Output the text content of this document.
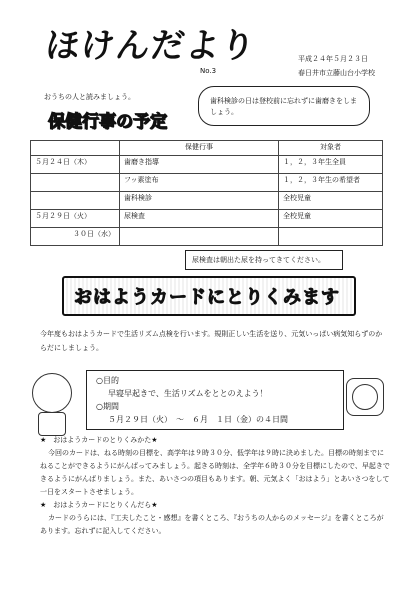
ほけんだより
No.3
平成２４年５月２３日
春日井市立藤山台小学校
おうちの人と読みましょう。	歯科検診の日は登校前に忘れずに歯磨きをしましょう。
保健行事の予定
	保健行事	対象者
５月２４日（木）	歯磨き指導	１，２，３年生全員
	フッ素塗布	１，２，３年生の希望者
	歯科検診	全校児童
５月２９日（火）	尿検査	全校児童
３０日（水）		
尿検査は朝出た尿を持ってきてください。
おはようカードにとりくみます
今年度もおはようカードで生活リズム点検を行います。規則正しい生活を送り、元気いっぱい病気知らずのからだにしましょう。
○目的
早寝早起きで、生活リズムをととのえよう！
○期間
５月２９日（火）　～　６月　１日（金）の４日間
★　おはようカードのとりくみかた★
今回のカードは、ねる時刻の目標を、高学年は９時３０分、低学年は９時に決めました。目標の時刻までにねることができるようにがんばってみましょう。起きる時刻は、全学年６時３０分を目標にしたので、早起きできるようにがんばりましょう。また、あいさつの項目もあります。朝、元気よく「おはよう」とあいさつをして一日をスタートさせましょう。
★　おはようカードにとりくんだら★
カードのうらには、『工夫したこと・感想』を書くところ、『おうちの人からのメッセージ』を書くところがあります。忘れずに記入してください。
